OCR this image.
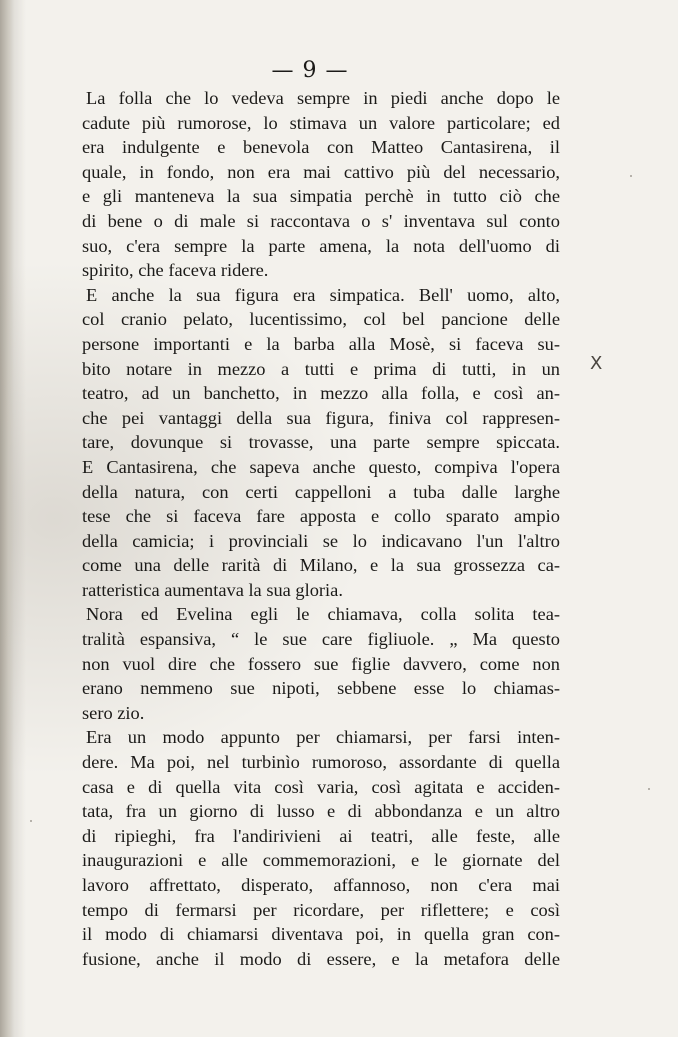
— 9 —
La folla che lo vedeva sempre in piedi anche dopo le
cadute più rumorose, lo stimava un valore particolare; ed
era indulgente e benevola con Matteo Cantasirena, il
quale, in fondo, non era mai cattivo più del necessario,
e gli manteneva la sua simpatia perchè in tutto ciò che
di bene o di male si raccontava o s' inventava sul conto
suo, c'era sempre la parte amena, la nota dell'uomo di
spirito, che faceva ridere.
E anche la sua figura era simpatica. Bell' uomo, alto,
col cranio pelato, lucentissimo, col bel pancione delle
persone importanti e la barba alla Mosè, si faceva su-
bito notare in mezzo a tutti e prima di tutti, in un
teatro, ad un banchetto, in mezzo alla folla, e così an-
che pei vantaggi della sua figura, finiva col rappresen-
tare, dovunque si trovasse, una parte sempre spiccata.
E Cantasirena, che sapeva anche questo, compiva l'opera
della natura, con certi cappelloni a tuba dalle larghe
tese che si faceva fare apposta e collo sparato ampio
della camicia; i provinciali se lo indicavano l'un l'altro
come una delle rarità di Milano, e la sua grossezza ca-
ratteristica aumentava la sua gloria.
Nora ed Evelina egli le chiamava, colla solita tea-
tralità espansiva, “ le sue care figliuole. „ Ma questo
non vuol dire che fossero sue figlie davvero, come non
erano nemmeno sue nipoti, sebbene esse lo chiamas-
sero zio.
Era un modo appunto per chiamarsi, per farsi inten-
dere. Ma poi, nel turbinìo rumoroso, assordante di quella
casa e di quella vita così varia, così agitata e acciden-
tata, fra un giorno di lusso e di abbondanza e un altro
di ripieghi, fra l'andirivieni ai teatri, alle feste, alle
inaugurazioni e alle commemorazioni, e le giornate del
lavoro affrettato, disperato, affannoso, non c'era mai
tempo di fermarsi per ricordare, per riflettere; e così
il modo di chiamarsi diventava poi, in quella gran con-
fusione, anche il modo di essere, e la metafora delle
X
